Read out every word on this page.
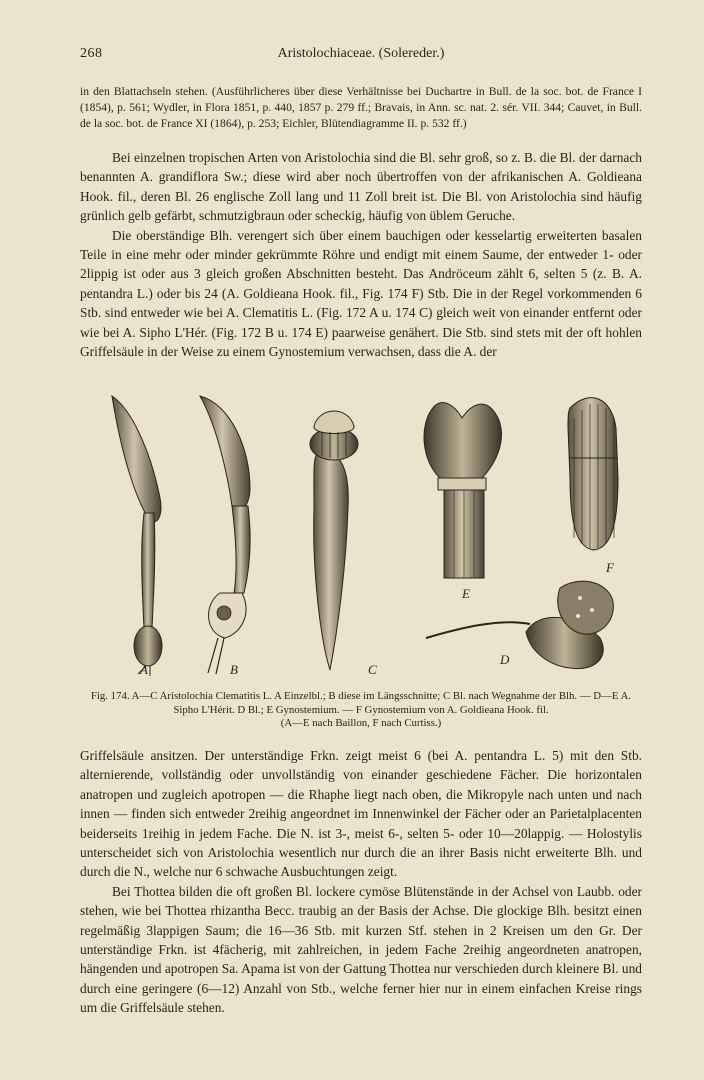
268	Aristolochiaceae. (Solereder.)

in den Blattachseln stehen. (Ausführlicheres über diese Verhältnisse bei Duchartre in Bull. de la soc. bot. de France I (1854), p. 561; Wydler, in Flora 1851, p. 440, 1857 p. 279 ff.; Bravais, in Ann. sc. nat. 2. sér. VII. 344; Cauvet, in Bull. de la soc. bot. de France XI (1864), p. 253; Eichler, Blütendiagramme II. p. 532 ff.)

Bei einzelnen tropischen Arten von Aristolochia sind die Bl. sehr groß, so z. B. die Bl. der darnach benannten A. grandiflora Sw.; diese wird aber noch übertroffen von der afrikanischen A. Goldieana Hook. fil., deren Bl. 26 englische Zoll lang und 11 Zoll breit ist. Die Bl. von Aristolochia sind häufig grünlich gelb gefärbt, schmutzigbraun oder scheckig, häufig von üblem Geruche.

Die oberständige Blh. verengert sich über einem bauchigen oder kesselartig erweiterten basalen Teile in eine mehr oder minder gekrümmte Röhre und endigt mit einem Saume, der entweder 1- oder 2lippig ist oder aus 3 gleich großen Abschnitten besteht. Das Andröceum zählt 6, selten 5 (z. B. A. pentandra L.) oder bis 24 (A. Goldieana Hook. fil., Fig. 174 F) Stb. Die in der Regel vorkommenden 6 Stb. sind entweder wie bei A. Clematitis L. (Fig. 172 A u. 174 C) gleich weit von einander entfernt oder wie bei A. Sipho L'Hér. (Fig. 172 B u. 174 E) paarweise genähert. Die Stb. sind stets mit der oft hohlen Griffelsäule in der Weise zu einem Gynostemium verwachsen, dass die A. der

A	B	C
D
E
F

Fig. 174. A—C Aristolochia Clematitis L. A Einzelbl.; B diese im Längsschnitte; C Bl. nach Wegnahme der Blh. — D—E A. Sipho L'Hérit. D Bl.; E Gynostemium. — F Gynostemium von A. Goldieana Hook. fil.

(A—E nach Baillon, F nach Curtiss.)

Griffelsäule ansitzen. Der unterständige Frkn. zeigt meist 6 (bei A. pentandra L. 5) mit den Stb. alternierende, vollständig oder unvollständig von einander geschiedene Fächer. Die horizontalen anatropen und zugleich apotropen — die Rhaphe liegt nach oben, die Mikropyle nach unten und nach innen — finden sich entweder 2reihig angeordnet im Innenwinkel der Fächer oder an Parietalplacenten beiderseits 1reihig in jedem Fache. Die N. ist 3-, meist 6-, selten 5- oder 10—20lappig. — Holostylis unterscheidet sich von Aristolochia wesentlich nur durch die an ihrer Basis nicht erweiterte Blh. und durch die N., welche nur 6 schwache Ausbuchtungen zeigt.

Bei Thottea bilden die oft großen Bl. lockere cymöse Blütenstände in der Achsel von Laubb. oder stehen, wie bei Thottea rhizantha Becc. traubig an der Basis der Achse. Die glockige Blh. besitzt einen regelmäßig 3lappigen Saum; die 16—36 Stb. mit kurzen Stf. stehen in 2 Kreisen um den Gr. Der unterständige Frkn. ist 4fächerig, mit zahlreichen, in jedem Fache 2reihig angeordneten anatropen, hängenden und apotropen Sa. Apama ist von der Gattung Thottea nur verschieden durch kleinere Bl. und durch eine geringere (6—12) Anzahl von Stb., welche ferner hier nur in einem einfachen Kreise rings um die Griffelsäule stehen.
